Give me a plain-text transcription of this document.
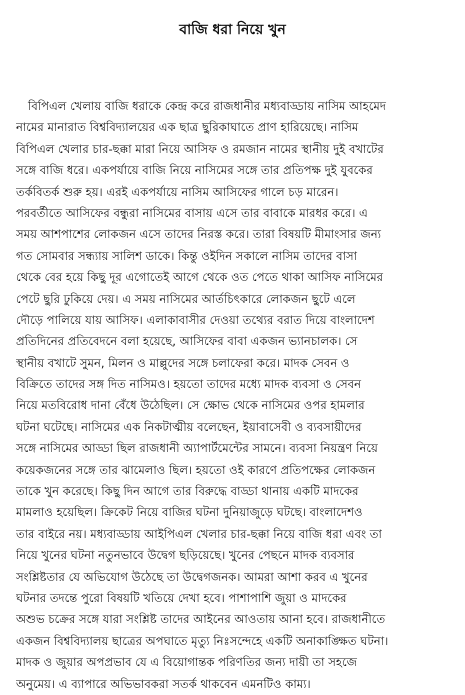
বাজি ধরা নিয়ে খুন
বিপিএল খেলায় বাজি ধরাকে কেন্দ্র করে রাজধানীর মধ্যবাড্ডায় নাসিম আহমেদ
নামের মানারাত বিশ্ববিদ্যালয়ের এক ছাত্র ছুরিকাঘাতে প্রাণ হারিয়েছে। নাসিম
বিপিএল খেলার চার-ছক্কা মারা নিয়ে আসিফ ও রমজান নামের স্থানীয় দুই বখাটের
সঙ্গে বাজি ধরে। একপর্যায়ে বাজি নিয়ে নাসিমের সঙ্গে তার প্রতিপক্ষ দুই যুবকের
তর্কবিতর্ক শুরু হয়। এরই একপর্যায়ে নাসিম আসিফের গালে চড় মারেন।
পরবর্তীতে আসিফের বন্ধুরা নাসিমের বাসায় এসে তার বাবাকে মারধর করে। এ
সময় আশপাশের লোকজন এসে তাদের নিরস্ত করে। তারা বিষয়টি মীমাংসার জন্য
গত সোমবার সন্ধ্যায় সালিশ ডাকে। কিন্তু ওইদিন সকালে নাসিম তাদের বাসা
থেকে বের হয়ে কিছু দূর এগোতেই আগে থেকে ওত পেতে থাকা আসিফ নাসিমের
পেটে ছুরি ঢুকিয়ে দেয়। এ সময় নাসিমের আর্তচিৎকারে লোকজন ছুটে এলে
দৌড়ে পালিয়ে যায় আসিফ। এলাকাবাসীর দেওয়া তথ্যের বরাত দিয়ে বাংলাদেশ
প্রতিদিনের প্রতিবেদনে বলা হয়েছে, আসিফের বাবা একজন ভ্যানচালক। সে
স্থানীয় বখাটে সুমন, মিলন ও মাল্লুদের সঙ্গে চলাফেরা করে। মাদক সেবন ও
বিক্রিতে তাদের সঙ্গ দিত নাসিমও। হয়তো তাদের মধ্যে মাদক ব্যবসা ও সেবন
নিয়ে মতবিরোধ দানা বেঁধে উঠেছিল। সে ক্ষোভ থেকে নাসিমের ওপর হামলার
ঘটনা ঘটেছে। নাসিমের এক নিকটাত্মীয় বলেছেন, ইয়াবাসেবী ও ব্যবসায়ীদের
সঙ্গে নাসিমের আড্ডা ছিল রাজধানী অ্যাপার্টমেন্টের সামনে। ব্যবসা নিয়ন্ত্রণ নিয়ে
কয়েকজনের সঙ্গে তার ঝামেলাও ছিল। হয়তো ওই কারণে প্রতিপক্ষের লোকজন
তাকে খুন করেছে। কিছু দিন আগে তার বিরুদ্ধে বাড্ডা থানায় একটি মাদকের
মামলাও হয়েছিল। ক্রিকেট নিয়ে বাজির ঘটনা দুনিয়াজুড়ে ঘটছে। বাংলাদেশও
তার বাইরে নয়। মধ্যবাড্ডায় আইপিএল খেলার চার-ছক্কা নিয়ে বাজি ধরা এবং তা
নিয়ে খুনের ঘটনা নতুনভাবে উদ্বেগ ছড়িয়েছে। খুনের পেছনে মাদক ব্যবসার
সংশ্লিষ্টতার যে অভিযোগ উঠেছে তা উদ্বেগজনক। আমরা আশা করব এ খুনের
ঘটনার তদন্তে পুরো বিষয়টি খতিয়ে দেখা হবে। পাশাপাশি জুয়া ও মাদকের
অশুভ চক্রের সঙ্গে যারা সংশ্লিষ্ট তাদের আইনের আওতায় আনা হবে। রাজধানীতে
একজন বিশ্ববিদ্যালয় ছাত্রের অপঘাতে মৃত্যু নিঃসন্দেহে একটি অনাকাঙ্ক্ষিত ঘটনা।
মাদক ও জুয়ার অপপ্রভাব যে এ বিয়োগান্তক পরিণতির জন্য দায়ী তা সহজে
অনুমেয়। এ ব্যাপারে অভিভাবকরা সতর্ক থাকবেন এমনটিও কাম্য।
